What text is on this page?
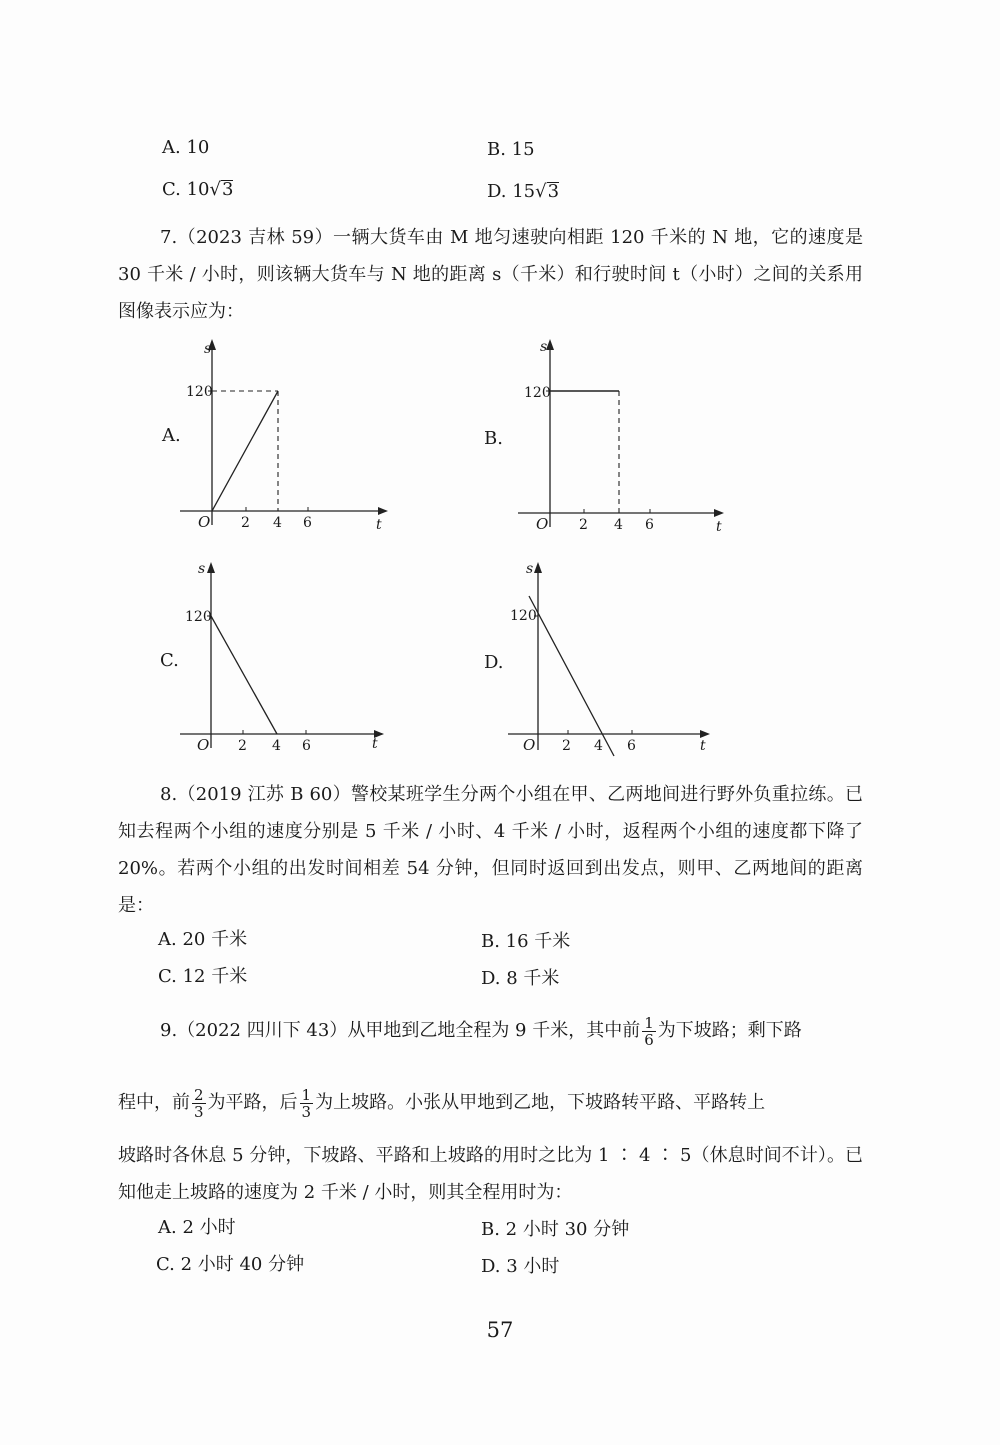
A. 10	B. 15
C. 10√3	D. 15√3

7.（2023 吉林 59）一辆大货车由 M 地匀速驶向相距 120 千米的 N 地，它的速度是 30 千米 / 小时，则该辆大货车与 N 地的距离 s（千米）和行驶时间 t（小时）之间的关系用图像表示应为：

A.
s
120
O 2 4 6	t
B.
s
120
O 2 4 6	t
C.
s
120
O 2 4 6	t
D.
s
120
O 2 4 6	t

8.（2019 江苏 B 60）警校某班学生分两个小组在甲、乙两地间进行野外负重拉练。已知去程两个小组的速度分别是 5 千米 / 小时、4 千米 / 小时，返程两个小组的速度都下降了 20%。若两个小组的出发时间相差 54 分钟，但同时返回到出发点，则甲、乙两地间的距离是：

A. 20 千米	B. 16 千米
C. 12 千米	D. 8 千米
9.（2022 四川下 43）从甲地到乙地全程为 9 千米，其中前 $\frac{1}{6}$ 为下坡路；剩下路
程中，前 $\frac{2}{3}$ 为平路，后 $\frac{1}{3}$ 为上坡路。小张从甲地到乙地，下坡路转平路、平路转上

坡路时各休息 5 分钟，下坡路、平路和上坡路的用时之比为 1 ∶ 4 ∶ 5（休息时间不计）。已知他走上坡路的速度为 2 千米 / 小时，则其全程用时为：

A. 2 小时	B. 2 小时 30 分钟
C. 2 小时 40 分钟	D. 3 小时
57
